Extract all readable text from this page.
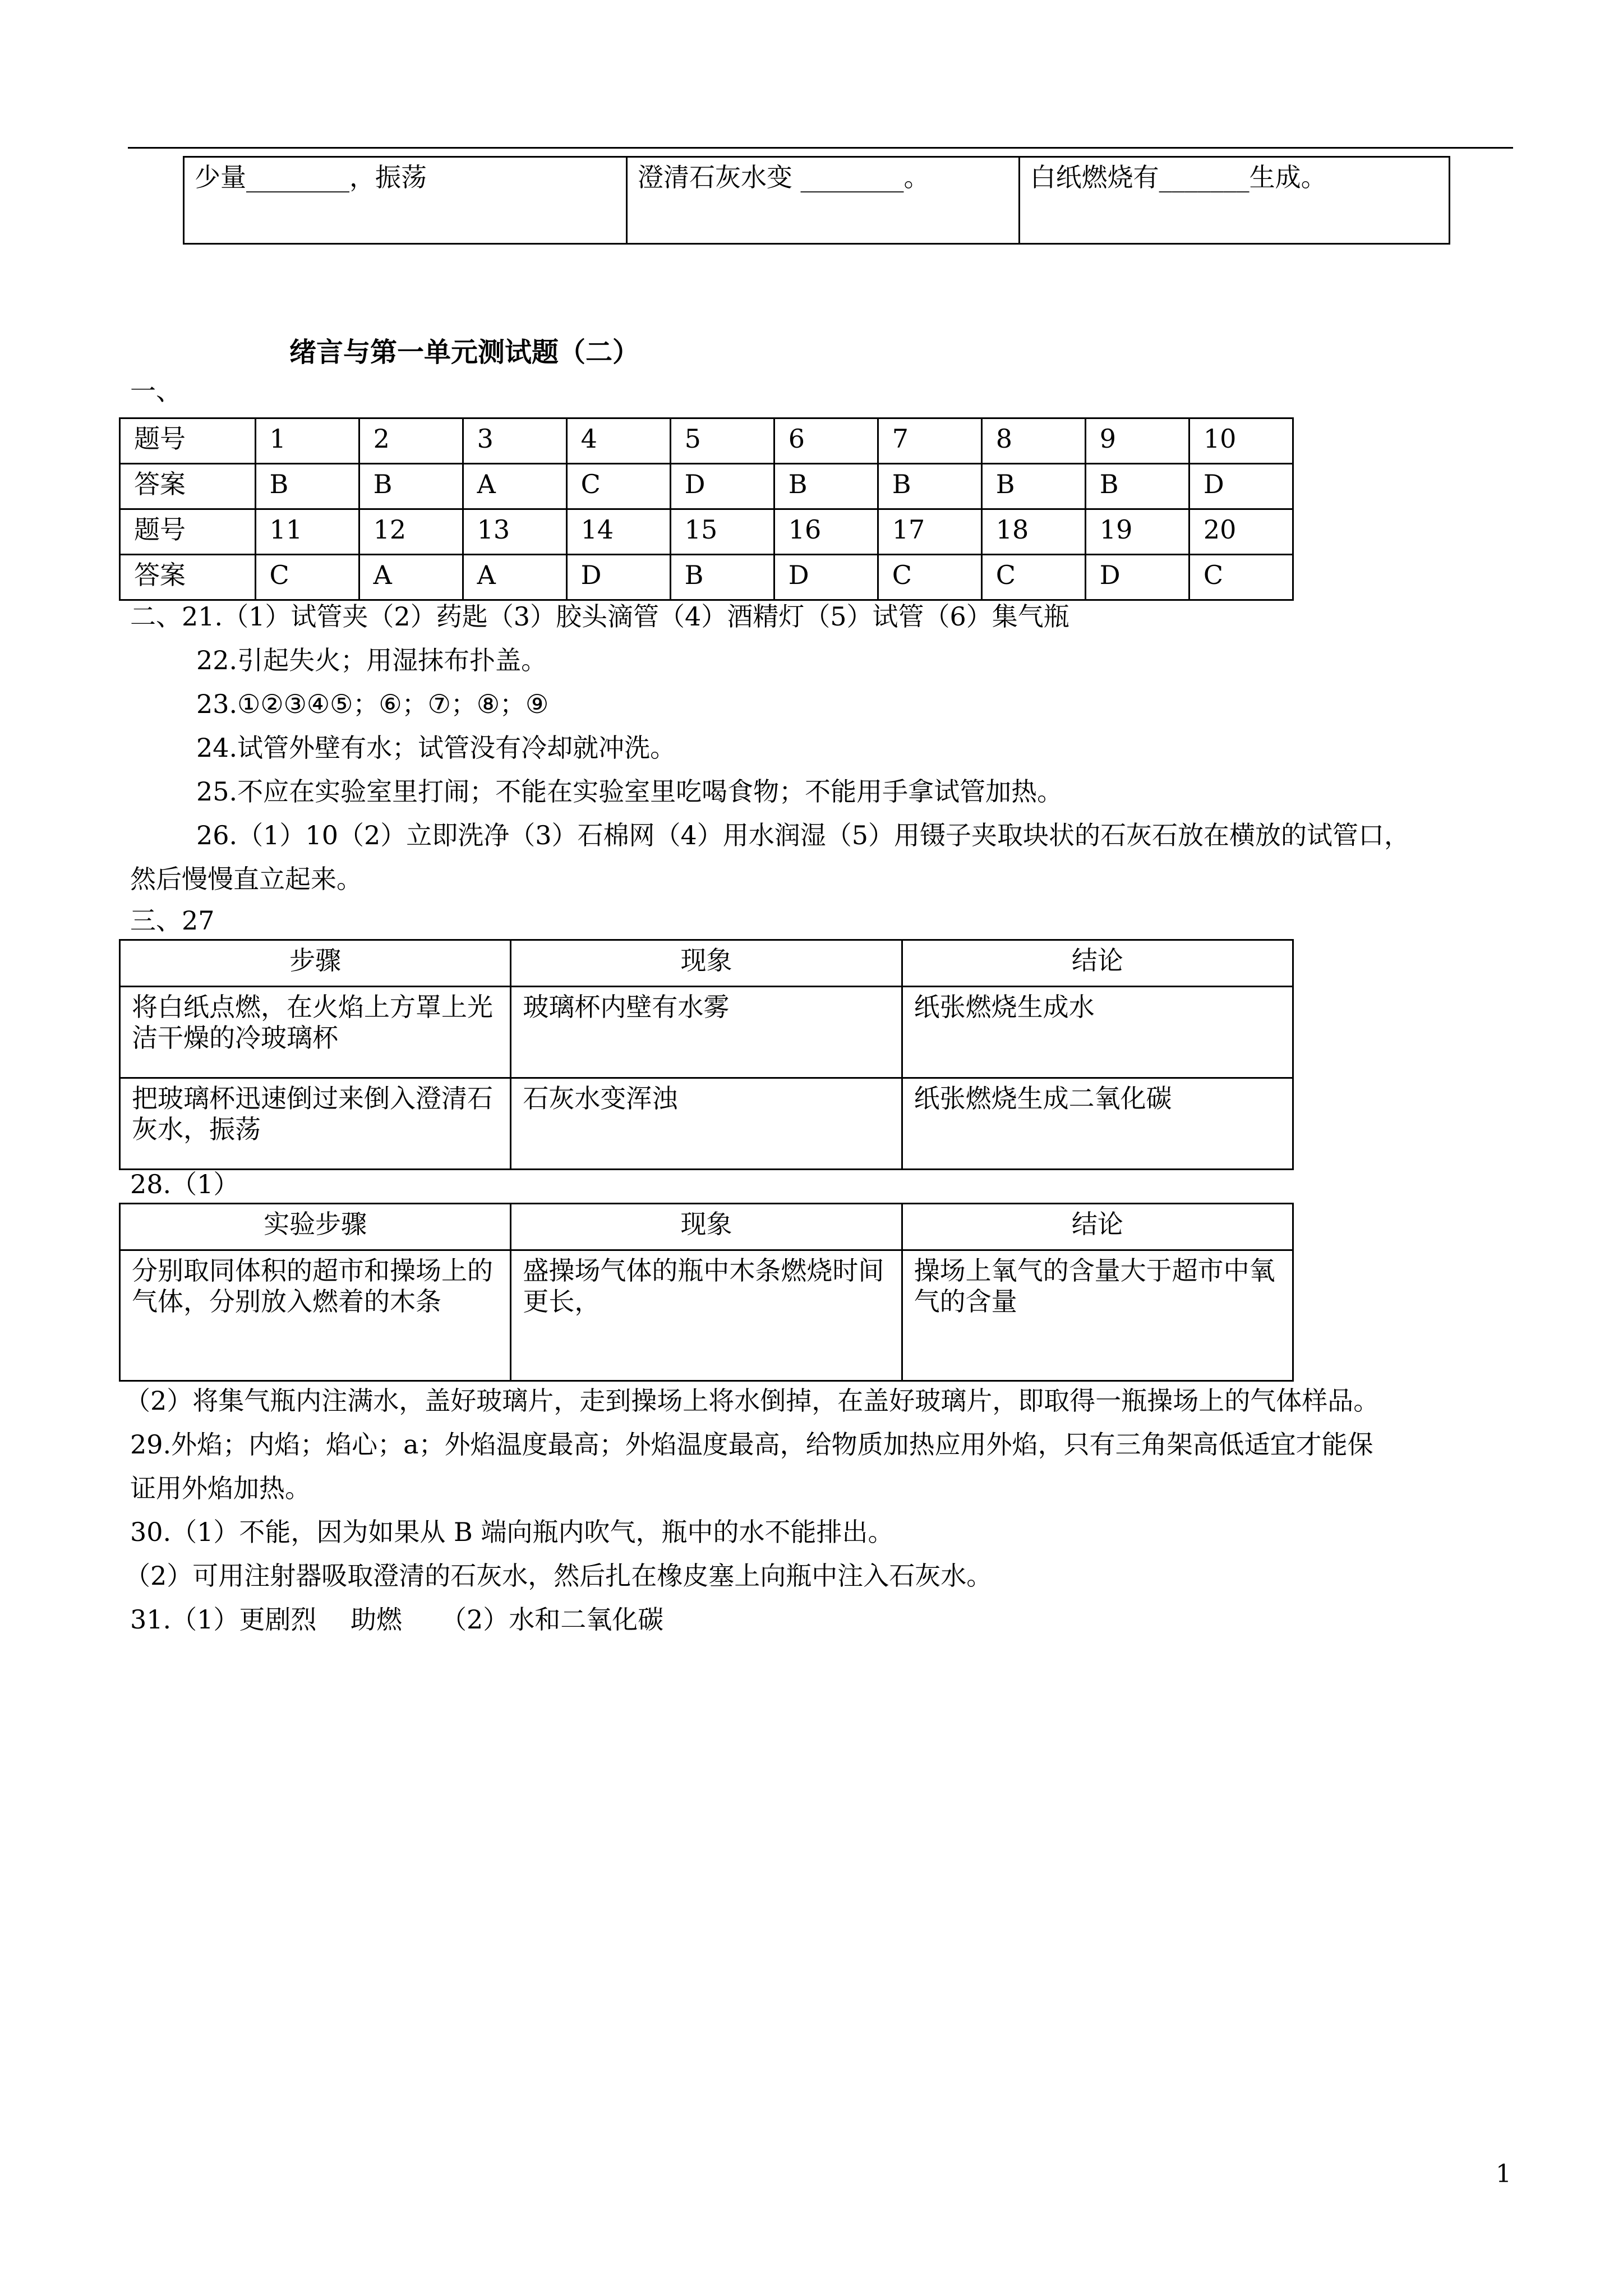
少量________，振荡	澄清石灰水变 ________。	白纸燃烧有_______生成。
绪言与第一单元测试题（二）
一、
题号	1	2	3	4	5	6	7	8	9	10
答案	B	B	A	C	D	B	B	B	B	D
题号	11	12	13	14	15	16	17	18	19	20
答案	C	A	A	D	B	D	C	C	D	C
二、21.（1）试管夹（2）药匙（3）胶头滴管（4）酒精灯（5）试管（6）集气瓶
22.引起失火；用湿抹布扑盖。
23.①②③④⑤；⑥；⑦；⑧；⑨
24.试管外壁有水；试管没有冷却就冲洗。
25.不应在实验室里打闹；不能在实验室里吃喝食物；不能用手拿试管加热。
26.（1）10（2）立即洗净（3）石棉网（4）用水润湿（5）用镊子夹取块状的石灰石放在横放的试管口，
然后慢慢直立起来。
三、27
步骤	现象	结论
将白纸点燃，在火焰上方罩上光洁干燥的冷玻璃杯	玻璃杯内壁有水雾	纸张燃烧生成水
把玻璃杯迅速倒过来倒入澄清石灰水，振荡	石灰水变浑浊	纸张燃烧生成二氧化碳
28.（1）
实验步骤	现象	结论
分别取同体积的超市和操场上的气体，分别放入燃着的木条	盛操场气体的瓶中木条燃烧时间更长，	操场上氧气的含量大于超市中氧气的含量
（2）将集气瓶内注满水，盖好玻璃片，走到操场上将水倒掉，在盖好玻璃片，即取得一瓶操场上的气体样品。
29.外焰；内焰；焰心；a；外焰温度最高；外焰温度最高，给物质加热应用外焰，只有三角架高低适宜才能保
证用外焰加热。
30.（1）不能，因为如果从 B 端向瓶内吹气，瓶中的水不能排出。
（2）可用注射器吸取澄清的石灰水，然后扎在橡皮塞上向瓶中注入石灰水。
31.（1）更剧烈　 助燃　　（2）水和二氧化碳
1
